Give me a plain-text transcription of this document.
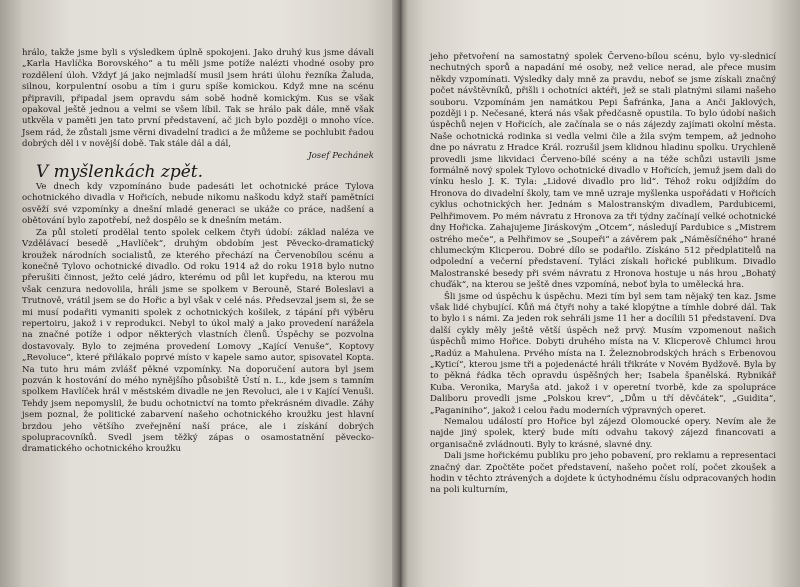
hrálo, takže jsme byli s výsledkem úplně spokojeni. Jako druhý kus jsme dávali „Karla Havlíčka Borovského“ a tu měli jsme potíže nalézti vhodné osoby pro rozdělení úloh. Vždyť já jako nejmladší musil jsem hráti úlohu řezníka Žaluda, silnou, korpulentní osobu a tím i guru spíše komickou. Když mne na scénu připravili, připadal jsem opravdu sám sobě hodně komickým. Kus se však opakoval ještě jednou a velmi se všem líbil. Tak se hrálo pak dále, mně však utkvěla v paměti jen tato první představení, ač jich bylo později o mnoho více. Jsem rád, že zůstali jsme věrni divadelní tradici a že můžeme se pochlubit řadou dobrých děl i v novější době. Tak stále dál a dál,

Josef Pechánek

V myšlenkách zpět.

Ve dnech kdy vzpomínáno bude padesáti let ochotnické práce Tylova ochotnického divadla v Hořicích, nebude nikomu naškodu když staří pamětníci osvěží své vzpomínky a dnešní mladé generaci se ukáže co práce, nadšení a obětování bylo zapotřebí, než dospělo se k dnešním metám.

Za půl století prodělal tento spolek celkem čtyři údobí: základ naléza ve Vzdělávací besedě „Havlíček“, druhým obdobím jest Pěvecko-dramatický kroužek národních socialistů, ze kterého přechází na Červenobílou scénu a konečně Tylovo ochotnické divadlo. Od roku 1914 až do roku 1918 bylo nutno přerušiti činnost, ježto celé jádro, kterému od půl let kupředu, na kterou mu však cenzura nedovolila, hráli jsme se spolkem v Berouně, Staré Boleslavi a Trutnově, vrátil jsem se do Hořic a byl však v celé nás. Předsevzal jsem si, že se mi musí podařiti vymaniti spolek z ochotnických košilek, z tápání při výběru repertoiru, jakož i v reprodukci. Nebyl to úkol malý a jako provedení narážela na značné potíže i odpor některých vlastních členů. Úspěchy se pozvolna dostavovaly. Bylo to zejména provedení Lomovy „Kající Venuše“, Koptovy „Revoluce“, které přilákalo poprvé místo v kapele samo autor, spisovatel Kopta. Na tuto hru mám zvlášť pěkné vzpomínky. Na doporučení autora byl jsem pozván k hostování do mého nynějšího působiště Ústí n. L., kde jsem s tamním spolkem Havlíček hrál v městském divadle ne jen Revoluci, ale i v Kající Venuši. Tehdy jsem nepomyslil, že budu ochotnictví na tomto překrásném divadle. Záhy jsem poznal, že politické zabarvení našeho ochotnického kroužku jest hlavní brzdou jeho většího zveřejnění naší práce, ale i získání dobrých spolupracovníků. Svedl jsem těžký zápas o osamostatnění pěvecko-dramatického ochotnického kroužku

jeho přetvoření na samostatný spolek Červeno-bílou scénu, bylo vy-slednicí nechutných sporů a napadání mé osoby, než velice nerad, ale přece musim někdy vzpomínati. Výsledky daly mně za pravdu, neboť se jsme získali značný počet návštěvníků, přišli i ochotníci aktéři, jež se stali platnými silami našeho souboru. Vzpomínám jen namátkou Pepi Šafránka, Jana a Anči Jaklových, později i p. Nečesané, která nás však předčasně opustila. To bylo údobí našich úspěchů nejen v Hořicích, ale začínala se o nás zájezdy zajímati okolní města. Naše ochotnická rodinka si vedla velmi čile a žila svým tempem, až jednoho dne po návratu z Hradce Král. rozrušil jsem klidnou hladinu spolku. Urychleně provedli jsme likvidaci Červeno-bílé scény a na téže schůzi ustavili jsme formálně nový spolek Tylovo ochotnické divadlo v Hořicích, jemuž jsem dali do vínku heslo J. K. Tyla: „Lidové divadlo pro lid“. Téhož roku odjíždím do Hronova do divadelní školy, tam ve mně uzraje myšlenka uspořádati v Hořicích cyklus ochotnických her. Jednám s Malostranským divadlem, Pardubicemi, Pelhřimovem. Po mém návratu z Hronova za tři týdny začínají velké ochotnické dny Hořicka. Zahajujeme Jiráskovým „Otcem“, následují Pardubice s „Mistrem ostrého meče“, a Pelhřimov se „Soupeři“ a závěrem pak „Náměsíčného“ hrané chlumeckým Klicperou. Dobré dílo se podařilo. Získáno 512 předplatitelů na odpolední a večerní představení. Tyláci získali hořické publikum. Divadlo Malostranské besedy při svém návratu z Hronova hostuje u nás hrou „Bohatý chuďák“, na kterou se ještě dnes vzpomíná, neboť byla to umělecká hra.

Šli jsme od úspěchu k úspěchu. Mezi tím byl sem tam nějaký ten kaz. Jsme však lidé chybující. Kůň má čtyři nohy a také klopýtne a tímhle dobré dál. Tak to bylo i s námi. Za jeden rok sehráli jsme 11 her a docílili 51 představení. Dva další cykly měly ještě větší úspěch než prvý. Musím vzpomenout našich úspěchů mimo Hořice. Dobyti druhého místa na V. Klicperově Chlumci hrou „Radúz a Mahulena. Prvého místa na I. Železnobrodských hrách s Erbenovou „Kyticí“, kterou jsme tři a pojedenácté hráli třikráte v Novém Bydžově. Byla by to pěkná řádka těch opravdu úspěšných her; Isabela španělská. Rybnikář Kuba. Veronika, Maryša atd. jakož i v operetní tvorbě, kde za spolupráce Daliboru provedli jsme „Polskou krev“, „Dům u tří děvčátek“, „Guidita“, „Paganiniho“, jakož i celou řadu moderních výpravných operet.

Nemalou událostí pro Hořice byl zájezd Olomoucké opery. Nevím ale že najde jiný spolek, který bude míti odvahu takový zájezd financovati a organisačně zvládnouti. Byly to krásné, slavné dny.

Dali jsme hořickému publiku pro jeho pobavení, pro reklamu a representaci značný dar. Zpočtěte počet představení, našeho počet rolí, počet zkoušek a hodin v těchto ztrávených a dojdete k úctyhodnému číslu odpracovaných hodin na poli kulturním,
